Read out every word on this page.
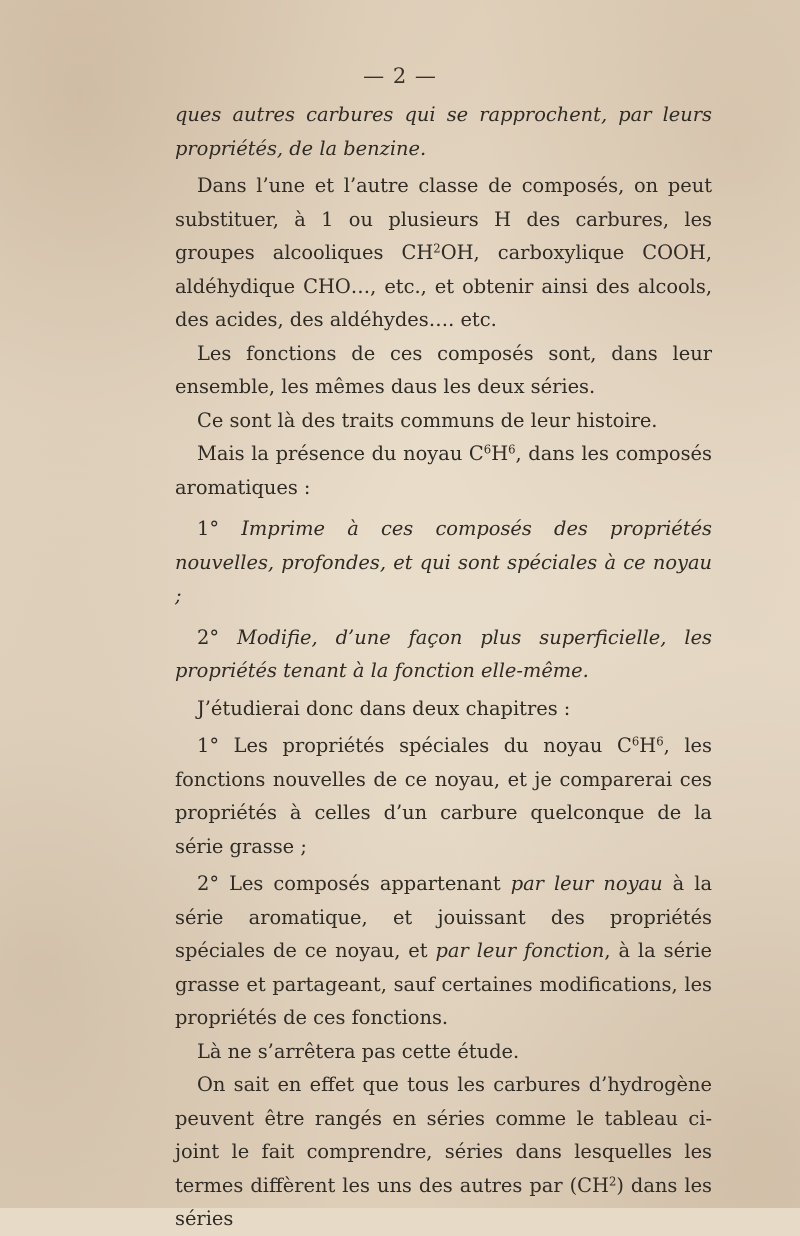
— 2 —

ques autres carbures qui se rapprochent, par leurs propriétés, de la benzine.

Dans l’une et l’autre classe de composés, on peut substituer, à 1 ou plusieurs H des carbures, les groupes alcooliques $CH^2OH$, carboxylique COOH, aldéhydique CHO…, etc., et obtenir ainsi des alcools, des acides, des aldéhydes…. etc.

Les fonctions de ces composés sont, dans leur ensemble, les mêmes daus les deux séries.

Ce sont là des traits communs de leur histoire.

Mais la présence du noyau $C^6H^6$, dans les composés aromatiques :

1° Imprime à ces composés des propriétés nouvelles, profondes, et qui sont spéciales à ce noyau ;

2° Modifie, d’une façon plus superficielle, les propriétés tenant à la fonction elle-même.

J’étudierai donc dans deux chapitres :

1° Les propriétés spéciales du noyau $C^6H^6$, les fonctions nouvelles de ce noyau, et je comparerai ces propriétés à celles d’un carbure quelconque de la série grasse ;

2° Les composés appartenant par leur noyau à la série aromatique, et jouissant des propriétés spéciales de ce noyau, et par leur fonction, à la série grasse et partageant, sauf certaines modifications, les propriétés de ces fonctions.

Là ne s’arrêtera pas cette étude.

On sait en effet que tous les carbures d’hydrogène peuvent être rangés en séries comme le tableau ci-joint le fait comprendre, séries dans lesquelles les termes diffèrent les uns des autres par $(CH^2)$ dans les séries
